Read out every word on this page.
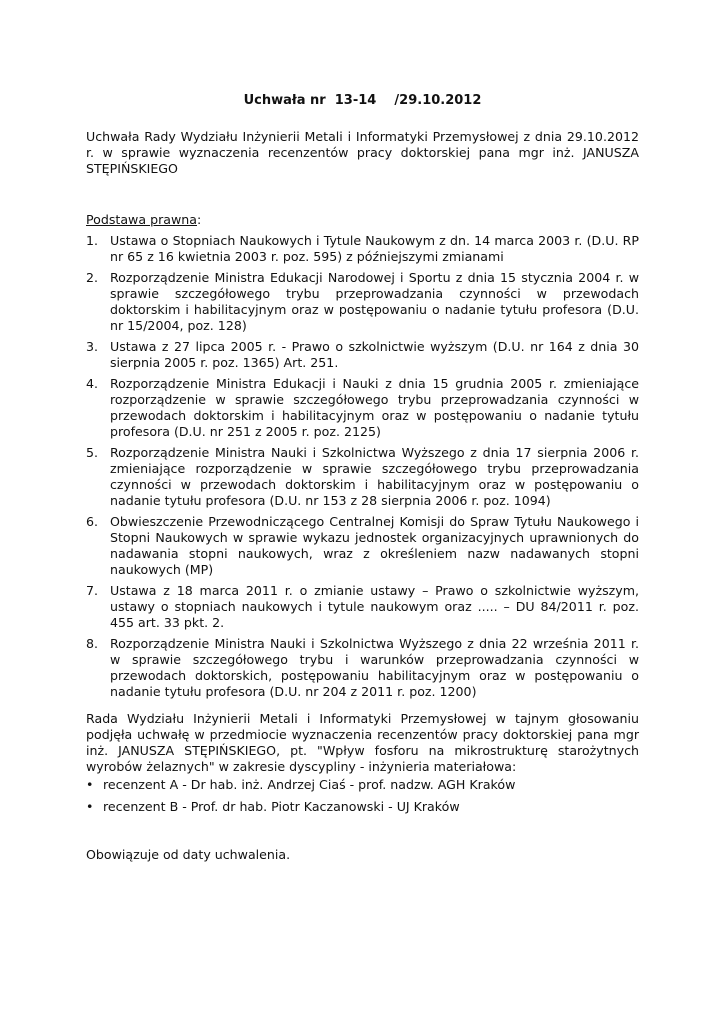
Uchwała nr  13-14    /29.10.2012
Uchwała Rady Wydziału Inżynierii Metali i Informatyki Przemysłowej z dnia 29.10.2012 r. w sprawie wyznaczenia recenzentów pracy doktorskiej pana mgr inż. JANUSZA STĘPIŃSKIEGO
Podstawa prawna:
1. Ustawa o Stopniach Naukowych i Tytule Naukowym z dn. 14 marca 2003 r. (D.U. RP nr 65 z 16 kwietnia 2003 r. poz. 595) z późniejszymi zmianami
2. Rozporządzenie Ministra Edukacji Narodowej i Sportu z dnia 15 stycznia 2004 r. w sprawie szczegółowego trybu przeprowadzania czynności w przewodach doktorskim i habilitacyjnym oraz w postępowaniu o nadanie tytułu profesora (D.U. nr 15/2004, poz. 128)
3. Ustawa z 27 lipca 2005 r. - Prawo o szkolnictwie wyższym (D.U. nr 164 z dnia 30 sierpnia 2005 r. poz. 1365) Art. 251.
4. Rozporządzenie Ministra Edukacji i Nauki z dnia 15 grudnia 2005 r. zmieniające rozporządzenie w sprawie szczegółowego trybu przeprowadzania czynności w przewodach doktorskim i habilitacyjnym oraz w postępowaniu o nadanie tytułu profesora (D.U. nr 251 z 2005 r. poz. 2125)
5. Rozporządzenie Ministra Nauki i Szkolnictwa Wyższego z dnia 17 sierpnia 2006 r. zmieniające rozporządzenie w sprawie szczegółowego trybu przeprowadzania czynności w przewodach doktorskim i habilitacyjnym oraz w postępowaniu o nadanie tytułu profesora (D.U. nr 153 z 28 sierpnia 2006 r. poz. 1094)
6. Obwieszczenie Przewodniczącego Centralnej Komisji do Spraw Tytułu Naukowego i Stopni Naukowych w sprawie wykazu jednostek organizacyjnych uprawnionych do nadawania stopni naukowych, wraz z określeniem nazw nadawanych stopni naukowych (MP)
7. Ustawa z 18 marca 2011 r. o zmianie ustawy – Prawo o szkolnictwie wyższym, ustawy o stopniach naukowych i tytule naukowym oraz ..... – DU 84/2011 r. poz. 455 art. 33 pkt. 2.
8. Rozporządzenie Ministra Nauki i Szkolnictwa Wyższego z dnia 22 września 2011 r. w sprawie szczegółowego trybu i warunków przeprowadzania czynności w przewodach doktorskich, postępowaniu habilitacyjnym oraz w postępowaniu o nadanie tytułu profesora (D.U. nr 204 z 2011 r. poz. 1200)
Rada Wydziału Inżynierii Metali i Informatyki Przemysłowej w tajnym głosowaniu podjęła uchwałę w przedmiocie wyznaczenia recenzentów pracy doktorskiej pana mgr inż. JANUSZA STĘPIŃSKIEGO, pt. "Wpływ fosforu na mikrostrukturę starożytnych wyrobów żelaznych" w zakresie dyscypliny - inżynieria materiałowa:
• recenzent A - Dr hab. inż. Andrzej Ciaś - prof. nadzw. AGH Kraków
• recenzent B - Prof. dr hab. Piotr Kaczanowski - UJ Kraków
Obowiązuje od daty uchwalenia.
